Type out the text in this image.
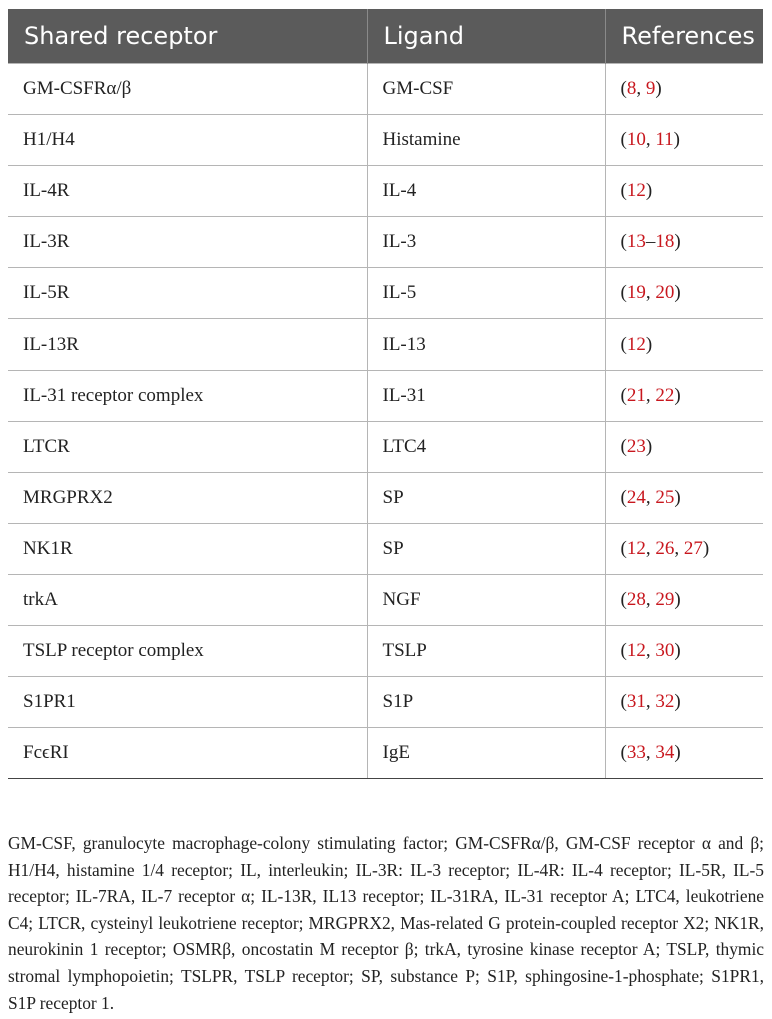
Shared receptor	Ligand	References
GM-CSFRα/β	GM-CSF	(8, 9)
H1/H4	Histamine	(10, 11)
IL-4R	IL-4	(12)
IL-3R	IL-3	(13–18)
IL-5R	IL-5	(19, 20)
IL-13R	IL-13	(12)
IL-31 receptor complex	IL-31	(21, 22)
LTCR	LTC4	(23)
MRGPRX2	SP	(24, 25)
NK1R	SP	(12, 26, 27)
trkA	NGF	(28, 29)
TSLP receptor complex	TSLP	(12, 30)
S1PR1	S1P	(31, 32)
FcϵRI	IgE	(33, 34)

GM-CSF, granulocyte macrophage-colony stimulating factor; GM-CSFRα/β, GM-CSF receptor α and β; H1/H4, histamine 1/4 receptor; IL, interleukin; IL-3R: IL-3 receptor; IL-4R: IL-4 receptor; IL-5R, IL-5 receptor; IL-7RA, IL-7 receptor α; IL-13R, IL13 receptor; IL-31RA, IL-31 receptor A; LTC4, leukotriene C4; LTCR, cysteinyl leukotriene receptor; MRGPRX2, Mas-related G protein-coupled receptor X2; NK1R, neurokinin 1 receptor; OSMRβ, oncostatin M receptor β; trkA, tyrosine kinase receptor A; TSLP, thymic stromal lymphopoietin; TSLPR, TSLP receptor; SP, substance P; S1P, sphingosine-1-phosphate; S1PR1, S1P receptor 1.
